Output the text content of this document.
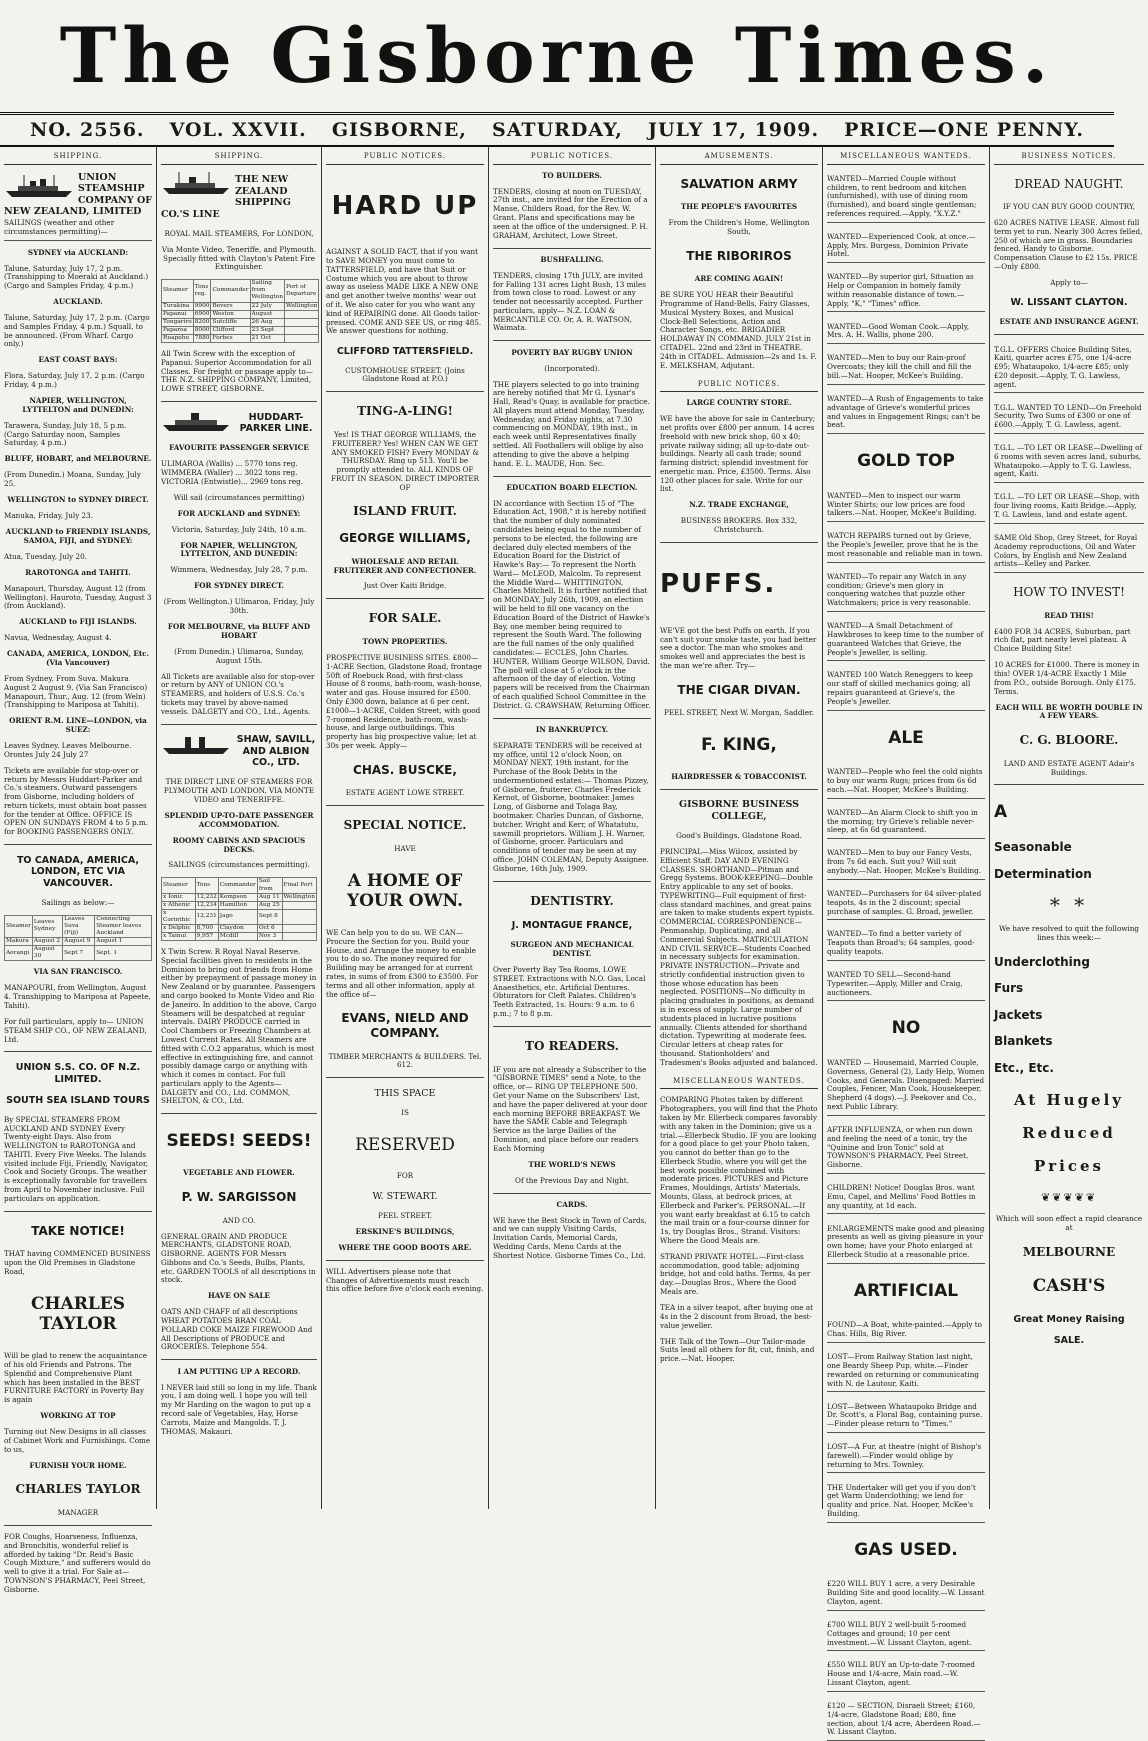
The Gisborne Times.
NO. 2556. VOL. XXVII. GISBORNE, SATURDAY, JULY 17, 1909. PRICE—ONE PENNY.
SHIPPING.

UNION STEAMSHIP COMPANY OF NEW ZEALAND, LIMITED

SAILINGS (weather and other circumstances permitting)—

SYDNEY via AUCKLAND:

Talune, Saturday, July 17, 2 p.m. (Transhipping to Moeraki at Auckland.) (Cargo and Samples Friday, 4 p.m.)

AUCKLAND.

Talune, Saturday, July 17, 2 p.m. (Cargo and Samples Friday, 4 p.m.) Squall, to be announced. (From Wharf. Cargo only.)

EAST COAST BAYS:

Flora, Saturday, July 17, 2 p.m. (Cargo Friday, 4 p.m.)

NAPIER, WELLINGTON, LYTTELTON and DUNEDIN:

Tarawera, Sunday, July 18, 5 p.m. (Cargo Saturday noon, Samples Saturday, 4 p.m.)

BLUFF, HOBART, and MELBOURNE.

(From Dunedin.) Moana, Sunday, July 25.

WELLINGTON to SYDNEY DIRECT.

Manuka, Friday, July 23.

AUCKLAND to FRIENDLY ISLANDS, SAMOA, FIJI, and SYDNEY:

Atua, Tuesday, July 20.

RAROTONGA and TAHITI.

Manapouri, Thursday, August 12 (from Wellington). Hauroto, Tuesday, August 3 (from Auckland).

AUCKLAND to FIJI ISLANDS.

Navua, Wednesday, August 4.

CANADA, AMERICA, LONDON, Etc. (Via Vancouver)

From Sydney. From Suva. Makura August 2 August 9. (Via San Francisco) Manapouri, Thur., Aug. 12 (from Weln) (Transhipping to Mariposa at Tahiti).

ORIENT R.M. LINE—LONDON, via SUEZ:

Leaves Sydney. Leaves Melbourne. Orontes July 24 July 27

Tickets are available for stop-over or return by Messrs Huddart-Parker and Co.'s steamers. Outward passengers from Gisborne, including holders of return tickets, must obtain boat passes for the tender at Office. OFFICE IS OPEN ON SUNDAYS FROM 4 to 5 p.m. for BOOKING PASSENGERS ONLY.

TO CANADA, AMERICA, LONDON, ETC VIA VANCOUVER.

Sailings as below:—

Steamer	Leaves Sydney	Leaves Suva (Fiji)	Connecting Steamer leaves Auckland
Makura	August 2	August 9	August 1
Aorangi	August 30	Sept 7	Sept. 1

VIA SAN FRANCISCO.

MANAPOURI, from Wellington, August 4. Transhipping to Mariposa at Papeete, Tahiti).

For full particulars, apply to— UNION STEAM SHIP CO., OF NEW ZEALAND, Ltd.

UNION S.S. CO. OF N.Z. LIMITED.

SOUTH SEA ISLAND TOURS

By SPECIAL STEAMERS FROM AUCKLAND AND SYDNEY Every Twenty-eight Days. Also from WELLINGTON to RAROTONGA and TAHITI. Every Five Weeks. The Islands visited include Fiji, Friendly, Navigator, Cook and Society Groups. The weather is exceptionally favorable for travellers from April to November inclusive. Full particulars on application.

TAKE NOTICE!

THAT having COMMENCED BUSINESS upon the Old Premises in Gladstone Road,

CHARLES TAYLOR

Will be glad to renew the acquaintance of his old Friends and Patrons. The Splendid and Comprehensive Plant which has been installed in the BEST FURNITURE FACTORY in Poverty Bay is again

WORKING AT TOP

Turning out New Designs in all classes of Cabinet Work and Furnishings. Come to us,

FURNISH YOUR HOME.

CHARLES TAYLOR

MANAGER

FOR Coughs, Hoarseness, Influenza, and Bronchitis, wonderful relief is afforded by taking "Dr. Reid's Basic Cough Mixture," and sufferers would do well to give it a trial. For Sale at— TOWNSON'S PHARMACY, Peel Street, Gisborne.

SHIPPING.

THE NEW ZEALAND SHIPPING CO.'S LINE

ROYAL MAIL STEAMERS, For LONDON,

Via Monte Video, Teneriffe, and Plymouth. Specially fitted with Clayton's Patent Fire Extinguisher.

Steamer	Tons reg.	Commander	Sailing from Wellington	Port of Departure
Turakina	9900	Bevers	22 July	Wellington
Papanui	6900	Weston	August	
Tongariro	8200	Sutcliffe	26 Aug	
Paparoa	8000	Clifford	23 Sept	
Ruapehu	7880	Forbes	21 Oct	

All Twin Screw with the exception of Papanui. Superior Accommodation for all Classes. For freight or passage apply to— THE N.Z. SHIPPING COMPANY, Limited, LOWE STREET, GISBORNE.

HUDDART-PARKER LINE.

FAVOURITE PASSENGER SERVICE

ULIMAROA (Wallis) ... 5770 tons reg. WIMMERA (Waller) ... 3022 tons reg. VICTORIA (Entwistle)... 2969 tons reg.

Will sail (circumstances permitting)

FOR AUCKLAND and SYDNEY:

Victoria, Saturday, July 24th, 10 a.m.

FOR NAPIER, WELLINGTON, LYTTELTON, AND DUNEDIN:

Wimmera, Wednesday, July 28, 7 p.m.

FOR SYDNEY DIRECT.

(From Wellington.) Ulimaroa, Friday, July 30th.

FOR MELBOURNE, via BLUFF AND HOBART

(From Dunedin.) Ulimaroa, Sunday, August 15th.

All Tickets are available also for stop-over or return by ANY of UNION CO.'s STEAMERS, and holders of U.S.S. Co.'s tickets may travel by above-named vessels. DALGETY and CO., Ltd., Agents.

SHAW, SAVILL, AND ALBION CO., LTD.

THE DIRECT LINE OF STEAMERS FOR PLYMOUTH AND LONDON, VIA MONTE VIDEO and TENERIFFE.

SPLENDID UP-TO-DATE PASSENGER ACCOMMODATION.

ROOMY CABINS AND SPACIOUS DECKS.

SAILINGS (circumstances permitting).

Steamer	Tons	Commander	Sail from	Final Port
x Ionic	12,232	Kempson	Aug 11	Wellington
x Athenic	12,234	Hamilton	Aug 25	
x Corinthic	12,231	Jago	Sept 8	
x Delphic	8,700	Claydon	Oct 6	
x Tainui	9,957	Mcdill	Nov 3	

X Twin Screw. R Royal Naval Reserve. Special facilities given to residents in the Dominion to bring out friends from Home either by prepayment of passage money in New Zealand or by guarantee. Passengers and cargo booked to Monte Video and Rio de Janeiro. In addition to the above, Cargo Steamers will be despatched at regular intervals. DAIRY PRODUCE carried in Cool Chambers or Freezing Chambers at Lowest Current Rates. All Steamers are fitted with C.O.2 apparatus, which is most effective in extinguishing fire, and cannot possibly damage cargo or anything with which it comes in contact. For full particulars apply to the Agents— DALGETY and CO., Ltd. COMMON, SHELTON, & CO., Ltd.

SEEDS! SEEDS!

VEGETABLE AND FLOWER.

P. W. SARGISSON

AND CO.

GENERAL GRAIN AND PRODUCE MERCHANTS, GLADSTONE ROAD, GISBORNE. AGENTS FOR Messrs Gibbons and Co.'s Seeds, Bulbs, Plants, etc. GARDEN TOOLS of all descriptions in stock.

HAVE ON SALE

OATS AND CHAFF of all descriptions WHEAT POTATOES BRAN COAL POLLARD COKE MAIZE FIREWOOD And All Descriptions of PRODUCE and GROCERIES. Telephone 554.

I AM PUTTING UP A RECORD.

I NEVER laid still so long in my life. Thank you, I am doing well. I hope you will tell my Mr Harding on the wagon to put up a record sale of Vegetables, Hay, Horse Carrots, Maize and Mangolds. T. J. THOMAS, Makauri.

PUBLIC NOTICES.

HARD UP

AGAINST A SOLID FACT, that if you want to SAVE MONEY you must come to TATTERSFIELD, and have that Suit or Costume which you are about to throw away as useless MADE LIKE A NEW ONE and get another twelve months' wear out of it. We also cater for you who want any kind of REPAIRING done. All Goods tailor-pressed. COME AND SEE US, or ring 485. We answer questions for nothing.

CLIFFORD TATTERSFIELD.

CUSTOMHOUSE STREET. (Joins Gladstone Road at P.O.)

TING-A-LING!

Yes! IS THAT GEORGE WILLIAMS, the FRUITERER? Yes! WHEN CAN WE GET ANY SMOKED FISH? Every MONDAY & THURSDAY. Ring up 513. You'll be promptly attended to. ALL KINDS OF FRUIT IN SEASON. DIRECT IMPORTER OF

ISLAND FRUIT.

GEORGE WILLIAMS,

WHOLESALE AND RETAIL FRUITERER AND CONFECTIONER.

Just Over Kaiti Bridge.

FOR SALE.

TOWN PROPERTIES.

PROSPECTIVE BUSINESS SITES. £800—1-ACRE Section, Gladstone Road, frontage 50ft of Roebuck Road, with first-class House of 8 rooms, bath-room, wash-house, water and gas. House insured for £500. Only £300 down, balance at 6 per cent. £1000—1-ACRE, Colden Street, with good 7-roomed Residence, bath-room, wash-house, and large outbuildings. This property has big prospective value; let at 30s per week. Apply—

CHAS. BUSCKE,

ESTATE AGENT LOWE STREET.

SPECIAL NOTICE.

HAVE

A HOME OF YOUR OWN.

WE Can help you to do so. WE CAN— Procure the Section for you. Build your House, and Arrange the money to enable you to do so. The money required for Building may be arranged for at current rates, in sums of from £300 to £3500. For terms and all other information, apply at the office of—

EVANS, NIELD AND COMPANY.

TIMBER MERCHANTS & BUILDERS. Tel. 612.

THIS SPACE

IS

RESERVED

FOR

W. STEWART.

PEEL STREET.

ERSKINE'S BUILDINGS,

WHERE THE GOOD BOOTS ARE.

WILL Advertisers please note that Changes of Advertisements must reach this office before five o'clock each evening.

PUBLIC NOTICES.

TO BUILDERS.

TENDERS, closing at noon on TUESDAY, 27th inst., are invited for the Erection of a Manse, Childers Road, for the Rev. W. Grant. Plans and specifications may be seen at the office of the undersigned. P. H. GRAHAM, Architect, Lowe Street.

BUSHFALLING.

TENDERS, closing 17th JULY, are invited for Falling 131 acres Light Bush, 13 miles from town close to road. Lowest or any tender not necessarily accepted. Further particulars, apply— N.Z. LOAN & MERCANTILE CO. Or, A. R. WATSON, Waimata.

POVERTY BAY RUGBY UNION

(Incorporated).

THE players selected to go into training are hereby notified that Mr G. Lysnar's Hall, Read's Quay, is available for practice. All players must attend Monday, Tuesday, Wednesday, and Friday nights, at 7.30 commencing on MONDAY, 19th inst., in each week until Representatives finally settled. All Footballers will oblige by also attending to give the above a helping hand. E. L. MAUDE, Hon. Sec.

EDUCATION BOARD ELECTION.

IN accordance with Section 15 of "The Education Act, 1908," it is hereby notified that the number of duly nominated candidates being equal to the number of persons to be elected, the following are declared duly elected members of the Education Board for the District of Hawke's Bay:— To represent the North Ward— McLEOD, Malcolm. To represent the Middle Ward— WHITTINGTON, Charles Mitchell. It is further notified that on MONDAY, July 26th, 1909, an election will be held to fill one vacancy on the Education Board of the District of Hawke's Bay, one member being required to represent the South Ward. The following are the full names of the only qualified candidates:— ECCLES, John Charles. HUNTER, William George WILSON, David. The poll will close at 5 o'clock in the afternoon of the day of election. Voting papers will be received from the Chairman of each qualified School Committee in the District. G. CRAWSHAW, Returning Officer.

IN BANKRUPTCY.

SEPARATE TENDERS will be received at my office, until 12 o'clock Noon, on MONDAY NEXT, 19th instant, for the Purchase of the Book Debts in the undermentioned estates:— Thomas Pizzey, of Gisborne, fruiterer. Charles Frederick Kernot, of Gisborne, bootmaker. James Long, of Gisborne and Tolaga Bay, bootmaker. Charles Duncan, of Gisborne, butcher. Wright and Kerr, of Whatatutu, sawmill proprietors. William J. H. Warner, of Gisborne, grocer. Particulars and conditions of tender may be seen at my office. JOHN COLEMAN, Deputy Assignee. Gisborne, 16th July, 1909.

DENTISTRY.

J. MONTAGUE FRANCE,

SURGEON AND MECHANICAL DENTIST.

Over Poverty Bay Tea Rooms, LOWE STREET. Extractions with N.O. Gas, Local Anaesthetics, etc. Artificial Dentures. Obturators for Cleft Palates. Children's Teeth Extracted, 1s. Hours: 9 a.m. to 6 p.m.; 7 to 8 p.m.

TO READERS.

IF you are not already a Subscriber to the "GISBORNE TIMES" send a Note, to the office, or— RING UP TELEPHONE 500. Get your Name on the Subscribers' List, and have the paper delivered at your door each morning BEFORE BREAKFAST. We have the SAME Cable and Telegraph Service as the large Dailies of the Dominion, and place before our readers Each Morning

THE WORLD'S NEWS

Of the Previous Day and Night.

CARDS.

WE have the Best Stock in Town of Cards, and we can supply Visiting Cards, Invitation Cards, Memorial Cards, Wedding Cards, Menu Cards at the Shortest Notice. Gisborne Times Co., Ltd.

AMUSEMENTS.

SALVATION ARMY

THE PEOPLE'S FAVOURITES

From the Children's Home, Wellington South,

THE RIBORIROS

ARE COMING AGAIN!

BE SURE YOU HEAR their Beautiful Programme of Hand-Bells, Fairy Glasses, Musical Mystery Boxes, and Musical Clock-Bell Selections, Action and Character Songs, etc. BRIGADIER HOLDAWAY IN COMMAND. JULY 21st in CITADEL. 22nd and 23rd in THEATRE. 24th in CITADEL. Admission—2s and 1s. F. E. MELKSHAM, Adjutant.

PUBLIC NOTICES.

LARGE COUNTRY STORE.

WE have the above for sale in Canterbury; net profits over £800 per annum. 14 acres freehold with new brick shop, 60 x 40; private railway siding; all up-to-date out-buildings. Nearly all cash trade; sound farming district; splendid investment for energetic man. Price, £3500. Terms. Also 120 other places for sale. Write for our list.

N.Z. TRADE EXCHANGE,

BUSINESS BROKERS. Box 332, Christchurch.

PUFFS.

WE'VE got the best Puffs on earth. If you can't suit your smoke taste, you had better see a doctor. The man who smokes and smokes well and appreciates the best is the man we're after. Try—

THE CIGAR DIVAN.

PEEL STREET, Next W. Morgan, Saddler.

F. KING,

HAIRDRESSER & TOBACCONIST.

GISBORNE BUSINESS COLLEGE,

Good's Buildings, Gladstone Road.

PRINCIPAL—Miss Wilcox, assisted by Efficient Staff. DAY AND EVENING CLASSES. SHORTHAND—Pitman and Gregg Systems. BOOK-KEEPING—Double Entry applicable to any set of books. TYPEWRITING—Full equipment of first-class standard machines, and great pains are taken to make students expert typists. COMMERCIAL CORRESPONDENCE—Penmanship, Duplicating, and all Commercial Subjects. MATRICULATION AND CIVIL SERVICE—Students Coached in necessary subjects for examination. PRIVATE INSTRUCTION—Private and strictly confidential instruction given to those whose education has been neglected. POSITIONS—No difficulty in placing graduates in positions, as demand is in excess of supply. Large number of students placed in lucrative positions annually. Clients attended for shorthand dictation. Typewriting at moderate fees. Circular letters at cheap rates for thousand. Stationholders' and Tradesmen's Books adjusted and balanced.

MISCELLANEOUS WANTEDS.

COMPARING Photos taken by different Photographers, you will find that the Photo taken by Mr. Ellerbeck compares favorably with any taken in the Dominion; give us a trial.—Ellerbeck Studio. IF you are looking for a good place to get your Photo taken, you cannot do better than go to the Ellerbeck Studio, where you will get the best work possible combined with moderate prices. PICTURES and Picture Frames, Mouldings, Artists' Materials, Mounts, Glass, at bedrock prices, at Ellerbeck and Parker's. PERSONAL.—If you want early breakfast at 6.15 to catch the mail train or a four-course dinner for 1s, try Douglas Bros., Strand. Visitors: Where the Good Meals are.

STRAND PRIVATE HOTEL.—First-class accommodation, good table; adjoining bridge, hot and cold baths. Terms, 4s per day.—Douglas Bros., Where the Good Meals are.

TEA in a silver teapot, after buying one at 4s in the 2 discount from Broad, the best-value jeweller.

THE Talk of the Town—Our Tailor-made Suits lead all others for fit, cut, finish, and price.—Nat. Hooper.

MISCELLANEOUS WANTEDS.

WANTED—Married Couple without children, to rent bedroom and kitchen (unfurnished), with use of dining room (furnished), and board single gentleman; references required.—Apply, "X.Y.Z."

WANTED—Experienced Cook, at once.—Apply, Mrs. Burgess, Dominion Private Hotel.

WANTED—By superior girl, Situation as Help or Companion in homely family within reasonable distance of town.—Apply, "K," "Times" office.

WANTED—Good Woman Cook.—Apply, Mrs. A. H. Wallis, phone 200.

WANTED—Men to buy our Rain-proof Overcoats; they kill the chill and fill the bill.—Nat. Hooper, McKee's Building.

WANTED—A Rush of Engagements to take advantage of Grieve's wonderful prices and values in Engagement Rings; can't be beat.

GOLD TOP

WANTED—Men to inspect our warm Winter Shirts; our low prices are food talkers.—Nat. Hooper, McKee's Building.

WATCH REPAIRS turned out by Grieve, the People's Jeweller, prove that he is the most reasonable and reliable man in town.

WANTED—To repair any Watch in any condition; Grieve's men glory in conquering watches that puzzle other Watchmakers; price is very reasonable.

WANTED—A Small Detachment of Hawkbroses to keep time to the number of guaranteed Watches that Grieve, the People's Jeweller, is selling.

WANTED 100 Watch Reneggers to keep our staff of skilled mechanics going; all repairs guaranteed at Grieve's, the People's Jeweller.

ALE

WANTED—People who feel the cold nights to buy our warm Rugs; prices from 6s 6d each.—Nat. Hooper, McKee's Building.

WANTED—An Alarm Clock to shift you in the morning; try Grieve's reliable never-sleep, at 6s 6d guaranteed.

WANTED—Men to buy our Fancy Vests, from 7s 6d each. Suit you? Will suit anybody.—Nat. Hooper, McKee's Building.

WANTED—Purchasers for 64 silver-plated teapots, 4s in the 2 discount; special purchase of samples. G. Broad, jeweller.

WANTED—To find a better variety of Teapots than Broad's; 64 samples, good-quality teapots.

WANTED TO SELL—Second-hand Typewriter.—Apply, Miller and Craig, auctioneers.

NO

WANTED — Housemaid, Married Couple, Governess, General (2), Lady Help, Women Cooks, and Generals. Disengaged: Married Couples, Fencer, Man Cook, Housekeeper, Shepherd (4 dogs).—J. Peekover and Co., next Public Library.

AFTER INFLUENZA, or when run down and feeling the need of a tonic, try the "Quinine and Iron Tonic" sold at TOWNSON'S PHARMACY, Peel Street, Gisborne.

CHILDREN! Notice! Douglas Bros. want Emu, Capel, and Mellins' Food Bottles in any quantity, at 1d each.

ENLARGEMENTS make good and pleasing presents as well as giving pleasure in your own home; have your Photo enlarged at Ellerbeck Studio at a reasonable price.

ARTIFICIAL

FOUND—A Boat, white-painted.—Apply to Chas. Hills, Big River.

LOST—From Railway Station last night, one Beardy Sheep Pup, white.—Finder rewarded on returning or communicating with N. de Lautour, Kaiti.

LOST—Between Whataupoko Bridge and Dr. Scott's, a Floral Bag, containing purse.—Finder please return to "Times."

LOST—A Fur, at theatre (night of Bishop's farewell).—Finder would oblige by returning to Mrs. Townley.

THE Undertaker will get you if you don't get Warm Underclothing; we lend for quality and price. Nat. Hooper, McKee's Building.

GAS USED.

£220 WILL BUY 1 acre, a very Desirable Building Site and good locality.—W. Lissant Clayton, agent.

£700 WILL BUY 2 well-built 5-roomed Cottages and ground; 10 per cent investment.—W. Lissant Clayton, agent.

£550 WILL BUY an Up-to-date 7-roomed House and 1/4-acre, Main road.—W. Lissant Clayton, agent.

£120 — SECTION, Disraeli Street; £160, 1/4-acre, Gladstone Road; £80, fine section, about 1/4 acre, Aberdeen Road.—W. Lissant Clayton.

BUSINESS NOTICES.

DREAD NAUGHT.

IF YOU CAN BUY GOOD COUNTRY,

620 ACRES NATIVE LEASE. Almost full term yet to run. Nearly 300 Acres felled, 250 of which are in grass. Boundaries fenced. Handy to Gisborne. Compensation Clause to £2 15s. PRICE—Only £800.

Apply to—

W. LISSANT CLAYTON.

ESTATE AND INSURANCE AGENT.

T.G.L. OFFERS Choice Building Sites, Kaiti, quarter acres £75, one 1/4-acre £95; Whataupoko, 1/4-acre £85; only £20 deposit.—Apply, T. G. Lawless, agent.

T.G.L. WANTED TO LEND—On Freehold Security, Two Sums of £300 or one of £600.—Apply, T. G. Lawless, agent.

T.G.L. —TO LET OR LEASE—Dwelling of 6 rooms with seven acres land, suburbs, Whataupoko.—Apply to T. G. Lawless, agent, Kaiti.

T.G.L. —TO LET OR LEASE—Shop, with four living rooms, Kaiti Bridge.—Apply, T. G. Lawless, land and estate agent.

SAME Old Shop, Grey Street, for Royal Academy reproductions, Oil and Water Colors, by English and New Zealand artists—Kelley and Parker.

HOW TO INVEST!

READ THIS!

£400 FOR 34 ACRES, Suburban, part rich flat, part nearly level plateau. A Choice Building Site!

10 ACRES for £1000. There is money in this! OVER 1/4-ACRE Exactly 1 Mile from P.O., outside Borough. Only £175. Terms.

EACH WILL BE WORTH DOUBLE IN A FEW YEARS.

C. G. BLOORE.

LAND AND ESTATE AGENT Adair's Buildings.

A

Seasonable

Determination

* *

We have resolved to quit the following lines this week:—

Underclothing

Furs

Jackets

Blankets

Etc., Etc.

At Hugely

Reduced

Prices

❦❦❦❦❦

Which will soon effect a rapid clearance at

MELBOURNE

CASH'S

Great Money Raising

SALE.
